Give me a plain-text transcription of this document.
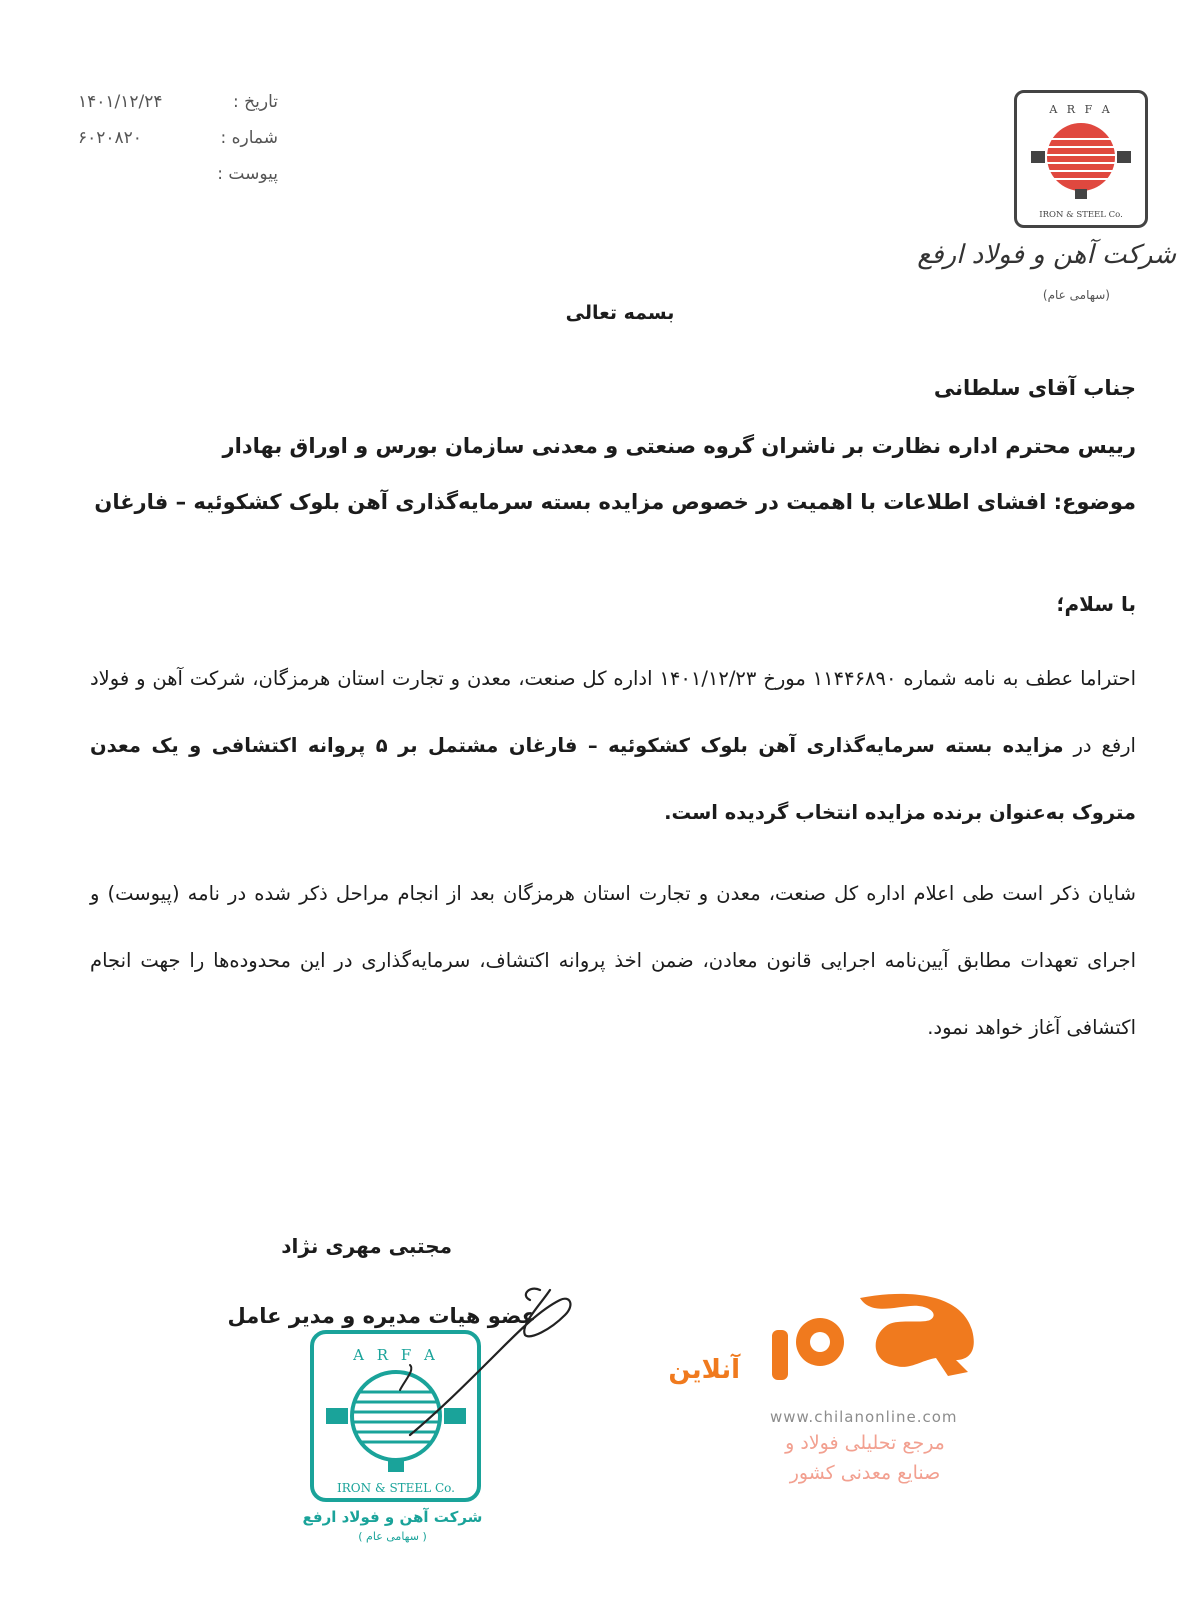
تاریخ :
۱۴۰۱/۱۲/۲۴
شماره :
۶۰۲۰۸۲۰
پیوست :
A R F A
IRON & STEEL Co.
شرکت آهن و فولاد ارفع
(سهامی عام)
بسمه تعالی
جناب آقای سلطانی
رییس محترم اداره نظارت بر ناشران گروه صنعتی و معدنی سازمان بورس و اوراق بهادار
موضوع: افشای اطلاعات با اهمیت در خصوص مزایده بسته سرمایه‌گذاری آهن بلوک کشکوئیه – فارغان
با سلام؛
احتراما عطف به نامه شماره ۱۱۴۴۶۸۹۰ مورخ ۱۴۰۱/۱۲/۲۳ اداره کل صنعت، معدن و تجارت استان هرمزگان، شرکت آهن و فولاد ارفع در مزایده بسته سرمایه‌گذاری آهن بلوک کشکوئیه – فارغان مشتمل بر ۵ پروانه اکتشافی و یک معدن متروک به‌عنوان برنده مزایده انتخاب گردیده است.
شایان ذکر است طی اعلام اداره کل صنعت، معدن و تجارت استان هرمزگان بعد از انجام مراحل ذکر شده در نامه (پیوست) و اجرای تعهدات مطابق آیین‌نامه اجرایی قانون معادن، ضمن اخذ پروانه اکتشاف، سرمایه‌گذاری در این محدوده‌ها را جهت انجام اکتشافی آغاز خواهد نمود.
مجتبی مهری نژاد
عضو هیات مدیره و مدیر عامل
A R F A
IRON & STEEL Co.
شرکت آهن و فولاد ارفع
( سهامی عام )
آنلاین
www.chilanonline.com
مرجع تحلیلی فولاد و
صنایع معدنی کشور
